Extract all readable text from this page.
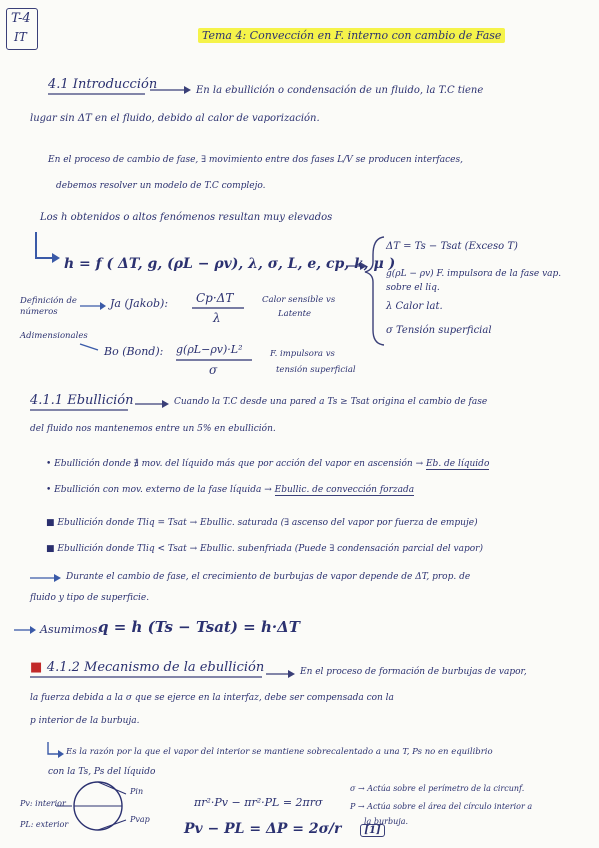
T-4
IT	Tema 4: Convección en F. interno con cambio de Fase
4.1 Introducción	En la ebullición o condensación de un fluido, la T.C tiene
lugar sin ΔT en el fluido, debido al calor de vaporización.
En el proceso de cambio de fase, ∃ movimiento entre dos fases L/V se producen interfaces,
debemos resolver un modelo de T.C complejo.
Los h obtenidos o altos fenómenos resultan muy elevados
h = f ( ΔT, g, (ρL − ρv), λ, σ, L, e, cp, k, μ )
ΔT = Ts − Tsat (Exceso T)
g(ρL − ρv) F. impulsora de la fase vap. sobre el liq.
λ Calor lat.
σ Tensión superficial
Definición de números
Adimensionales
Ja (Jakob): Cp·ΔT
λ
Calor sensible vs
Latente
Bo (Bond): g(ρL−ρv)·L²
σ
F. impulsora vs
tensión superficial
4.1.1 Ebullición	Cuando la T.C desde una pared a Ts ≥ Tsat origina el cambio de fase
del fluido nos mantenemos entre un 5% en ebullición.
• Ebullición donde ∄ mov. del líquido más que por acción del vapor en ascensión → Eb. de líquido
• Ebullición con mov. externo de la fase líquida → Ebullic. de convección forzada
■ Ebullición donde Tliq = Tsat → Ebullic. saturada (∃ ascenso del vapor por fuerza de empuje)
■ Ebullición donde Tliq < Tsat → Ebullic. subenfriada (Puede ∃ condensación parcial del vapor)
Durante el cambio de fase, el crecimiento de burbujas de vapor depende de ΔT, prop. de
fluido y tipo de superficie.
Asumimos:
q = h (Ts − Tsat) = h·ΔT
■ 4.1.2 Mecanismo de la ebullición	En el proceso de formación de burbujas de vapor,
la fuerza debida a la σ que se ejerce en la interfaz, debe ser compensada con la
p interior de la burbuja.
Es la razón por la que el vapor del interior se mantiene sobrecalentado a una T, Ps no en equilibrio
con la Ts, Ps del líquido
σ → Actúa sobre el perímetro de la circunf.
P → Actúa sobre el área del círculo interior a
la burbuja.
πr²·Pv − πr²·PL = 2πrσ
Pv − PL = ΔP = 2σ/r [1]
Pv: interior
PL: exterior
Pin
Pvap
